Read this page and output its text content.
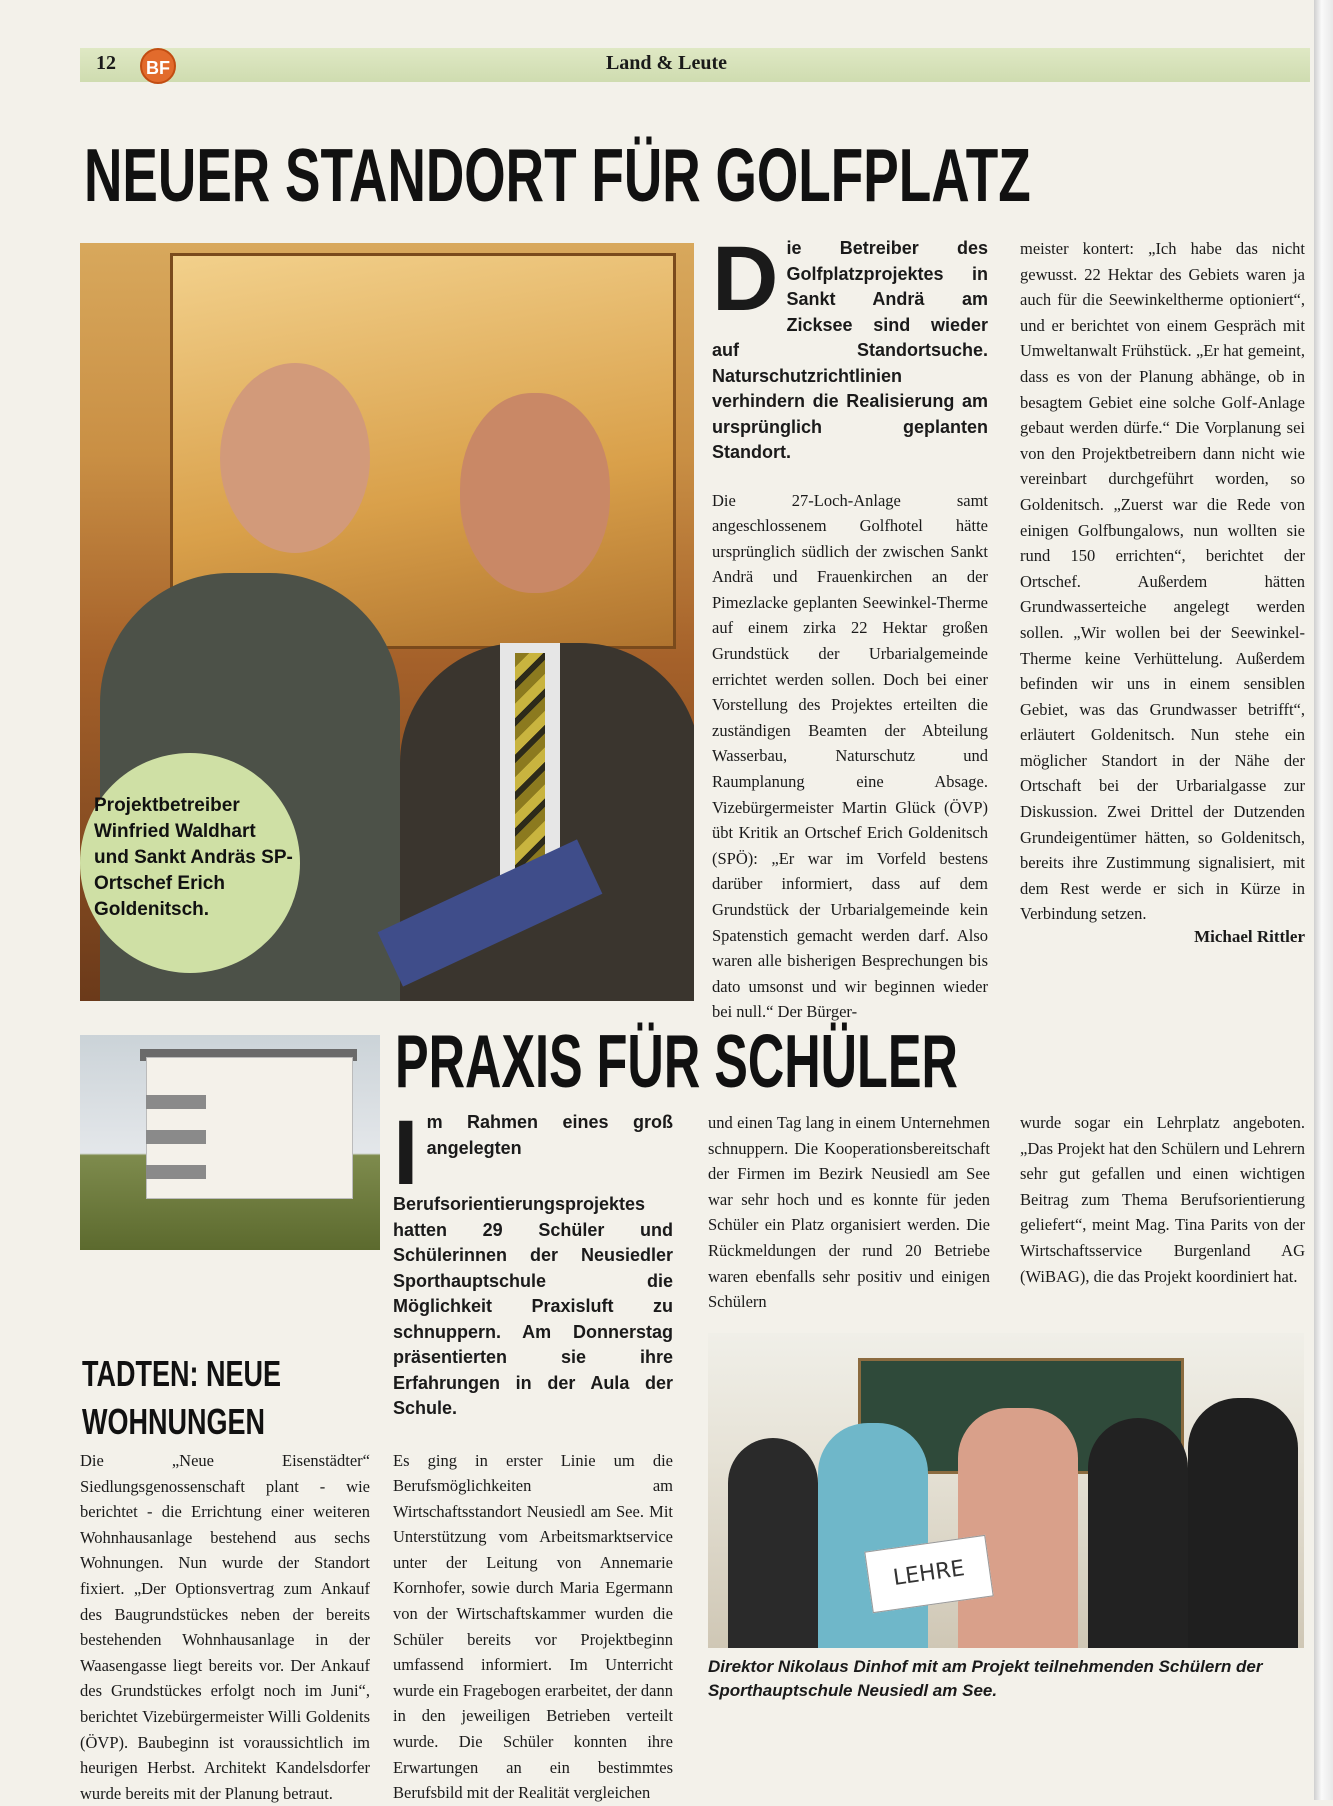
12	BF	Land & Leute
NEUER STANDORT FÜR GOLFPLATZ
Projektbetreiber Winfried Waldhart und Sankt Andräs SP-Ortschef Erich Goldenitsch.
Die Betreiber des Golfplatzprojektes in Sankt Andrä am Zicksee sind wieder auf Standortsuche. Naturschutzrichtlinien verhindern die Realisierung am ursprünglich geplanten Standort.
Die 27-Loch-Anlage samt angeschlossenem Golfhotel hätte ursprünglich südlich der zwischen Sankt Andrä und Frauenkirchen an der Pimezlacke geplanten Seewinkel-Therme auf einem zirka 22 Hektar großen Grundstück der Urbarialgemeinde errichtet werden sollen. Doch bei einer Vorstellung des Projektes erteilten die zuständigen Beamten der Abteilung Wasserbau, Naturschutz und Raumplanung eine Absage. Vizebürgermeister Martin Glück (ÖVP) übt Kritik an Ortschef Erich Goldenitsch (SPÖ): „Er war im Vorfeld bestens darüber informiert, dass auf dem Grundstück der Urbarialgemeinde kein Spatenstich gemacht werden darf. Also waren alle bisherigen Besprechungen bis dato umsonst und wir beginnen wieder bei null.“ Der Bürger-
meister kontert: „Ich habe das nicht gewusst. 22 Hektar des Gebiets waren ja auch für die Seewinkeltherme optioniert“, und er berichtet von einem Gespräch mit Umweltanwalt Frühstück. „Er hat gemeint, dass es von der Planung abhänge, ob in besagtem Gebiet eine solche Golf-Anlage gebaut werden dürfe.“ Die Vorplanung sei von den Projektbetreibern dann nicht wie vereinbart durchgeführt worden, so Goldenitsch. „Zuerst war die Rede von einigen Golfbungalows, nun wollten sie rund 150 errichten“, berichtet der Ortschef. Außerdem hätten Grundwasserteiche angelegt werden sollen. „Wir wollen bei der Seewinkel-Therme keine Verhüttelung. Außerdem befinden wir uns in einem sensiblen Gebiet, was das Grundwasser betrifft“, erläutert Goldenitsch. Nun stehe ein möglicher Standort in der Nähe der Ortschaft bei der Urbarialgasse zur Diskussion. Zwei Drittel der Dutzenden Grundeigentümer hätten, so Goldenitsch, bereits ihre Zustimmung signalisiert, mit dem Rest werde er sich in Kürze in Verbindung setzen.
Michael Rittler
TADTEN: NEUE
WOHNUNGEN
Die „Neue Eisenstädter“ Siedlungsgenossenschaft plant - wie berichtet - die Errichtung einer weiteren Wohnhausanlage bestehend aus sechs Wohnungen. Nun wurde der Standort fixiert. „Der Optionsvertrag zum Ankauf des Baugrundstückes neben der bereits bestehenden Wohnhausanlage in der Waasengasse liegt bereits vor. Der Ankauf des Grundstückes erfolgt noch im Juni“, berichtet Vizebürgermeister Willi Goldenits (ÖVP). Baubeginn ist voraussichtlich im heurigen Herbst. Architekt Kandelsdorfer wurde bereits mit der Planung betraut.
PRAXIS FÜR SCHÜLER
Im Rahmen eines groß angelegten Berufsorientierungsprojektes hatten 29 Schüler und Schülerinnen der Neusiedler Sporthauptschule die Möglichkeit Praxisluft zu schnuppern. Am Donnerstag präsentierten sie ihre Erfahrungen in der Aula der Schule.
Es ging in erster Linie um die Berufsmöglichkeiten am Wirtschaftsstandort Neusiedl am See. Mit Unterstützung vom Arbeitsmarktservice unter der Leitung von Annemarie Kornhofer, sowie durch Maria Egermann von der Wirtschaftskammer wurden die Schüler bereits vor Projektbeginn umfassend informiert. Im Unterricht wurde ein Fragebogen erarbeitet, der dann in den jeweiligen Betrieben verteilt wurde. Die Schüler konnten ihre Erwartungen an ein bestimmtes Berufsbild mit der Realität vergleichen
und einen Tag lang in einem Unternehmen schnuppern. Die Kooperationsbereitschaft der Firmen im Bezirk Neusiedl am See war sehr hoch und es konnte für jeden Schüler ein Platz organisiert werden. Die Rückmeldungen der rund 20 Betriebe waren ebenfalls sehr positiv und einigen Schülern
wurde sogar ein Lehrplatz angeboten. „Das Projekt hat den Schülern und Lehrern sehr gut gefallen und einen wichtigen Beitrag zum Thema Berufsorientierung geliefert“, meint Mag. Tina Parits von der Wirtschaftsservice Burgenland AG (WiBAG), die das Projekt koordiniert hat.
LEHRE
Direktor Nikolaus Dinhof mit am Projekt teilnehmenden Schülern der Sporthauptschule Neusiedl am See.
